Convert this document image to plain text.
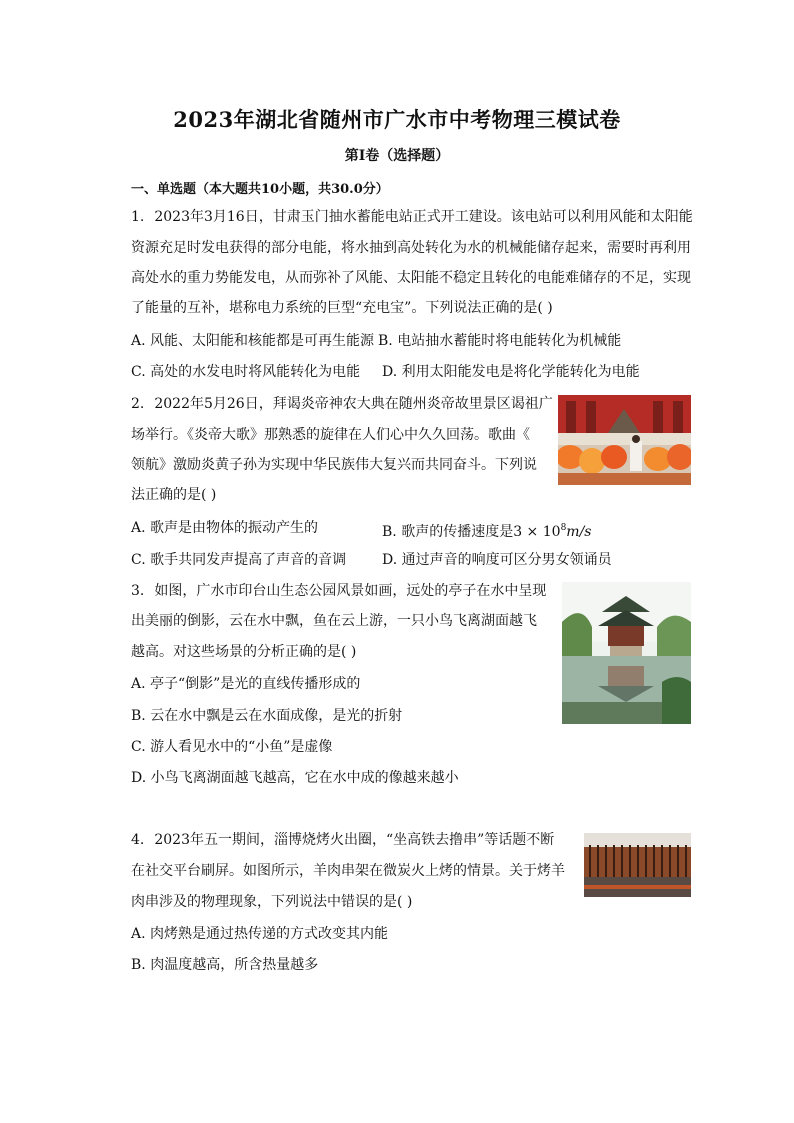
2023年湖北省随州市广水市中考物理三模试卷
第I卷（选择题）
一、单选题（本大题共10小题，共30.0分）
1. 2023年3月16日，甘肃玉门抽水蓄能电站正式开工建设。该电站可以利用风能和太阳能
资源充足时发电获得的部分电能，将水抽到高处转化为水的机械能储存起来，需要时再利用
高处水的重力势能发电，从而弥补了风能、太阳能不稳定且转化的电能难储存的不足，实现
了能量的互补，堪称电力系统的巨型“充电宝”。下列说法正确的是( )
A. 风能、太阳能和核能都是可再生能源 B. 电站抽水蓄能时将电能转化为机械能
C. 高处的水发电时将风能转化为电能 D. 利用太阳能发电是将化学能转化为电能
2. 2022年5月26日，拜谒炎帝神农大典在随州炎帝故里景区谒祖广
场举行。《炎帝大歌》那熟悉的旋律在人们心中久久回荡。歌曲《
领航》激励炎黄子孙为实现中华民族伟大复兴而共同奋斗。下列说
法正确的是( )
A. 歌声是由物体的振动产生的	B. 歌声的传播速度是$3 \times 10^8m/s$
C. 歌手共同发声提高了声音的音调	D. 通过声音的响度可区分男女领诵员
3. 如图，广水市印台山生态公园风景如画，远处的亭子在水中呈现
出美丽的倒影，云在水中飘，鱼在云上游，一只小鸟飞离湖面越飞
越高。对这些场景的分析正确的是( )
A. 亭子“倒影”是光的直线传播形成的
B. 云在水中飘是云在水面成像，是光的折射
C. 游人看见水中的“小鱼”是虚像
D. 小鸟飞离湖面越飞越高，它在水中成的像越来越小
4. 2023年五一期间，淄博烧烤火出圈，“坐高铁去撸串”等话题不断
在社交平台刷屏。如图所示，羊肉串架在微炭火上烤的情景。关于烤羊
肉串涉及的物理现象，下列说法中错误的是( )
A. 肉烤熟是通过热传递的方式改变其内能
B. 肉温度越高，所含热量越多
